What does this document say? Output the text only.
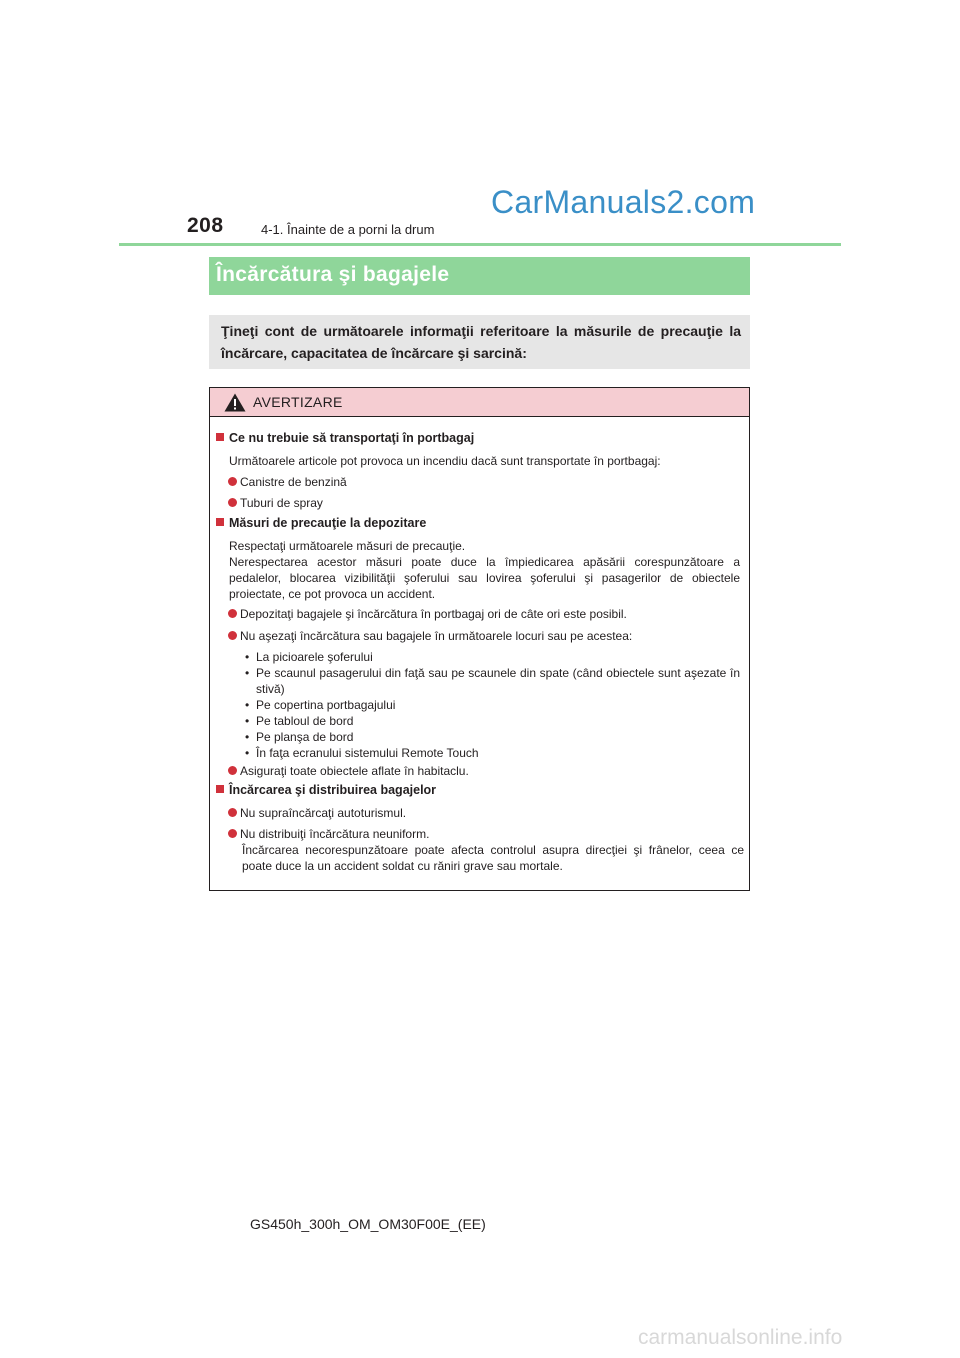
208	4-1. Înainte de a porni la drum
CarManuals2.com
Încărcătura şi bagajele
Ţineţi cont de următoarele informaţii referitoare la măsurile de precauţie la încărcare, capacitatea de încărcare şi sarcină:
AVERTIZARE
Ce nu trebuie să transportaţi în portbagaj
Următoarele articole pot provoca un incendiu dacă sunt transportate în portbagaj:
Canistre de benzină
Tuburi de spray
Măsuri de precauţie la depozitare
Respectaţi următoarele măsuri de precauţie.
Nerespectarea acestor măsuri poate duce la împiedicarea apăsării corespunzătoare a pedalelor, blocarea vizibilităţii şoferului sau lovirea şoferului şi pasagerilor de obiectele proiectate, ce pot provoca un accident.
Depozitaţi bagajele şi încărcătura în portbagaj ori de câte ori este posibil.
Nu aşezaţi încărcătura sau bagajele în următoarele locuri sau pe acestea:
• La picioarele şoferului
• Pe scaunul pasagerului din faţă sau pe scaunele din spate (când obiectele sunt aşezate în stivă)
• Pe copertina portbagajului
• Pe tabloul de bord
• Pe planşa de bord
• În faţa ecranului sistemului Remote Touch
Asiguraţi toate obiectele aflate în habitaclu.
Încărcarea şi distribuirea bagajelor
Nu supraîncărcaţi autoturismul.
Nu distribuiţi încărcătura neuniform.
Încărcarea necorespunzătoare poate afecta controlul asupra direcţiei şi frânelor, ceea ce poate duce la un accident soldat cu răniri grave sau mortale.
GS450h_300h_OM_OM30F00E_(EE)
carmanualsonline.info
